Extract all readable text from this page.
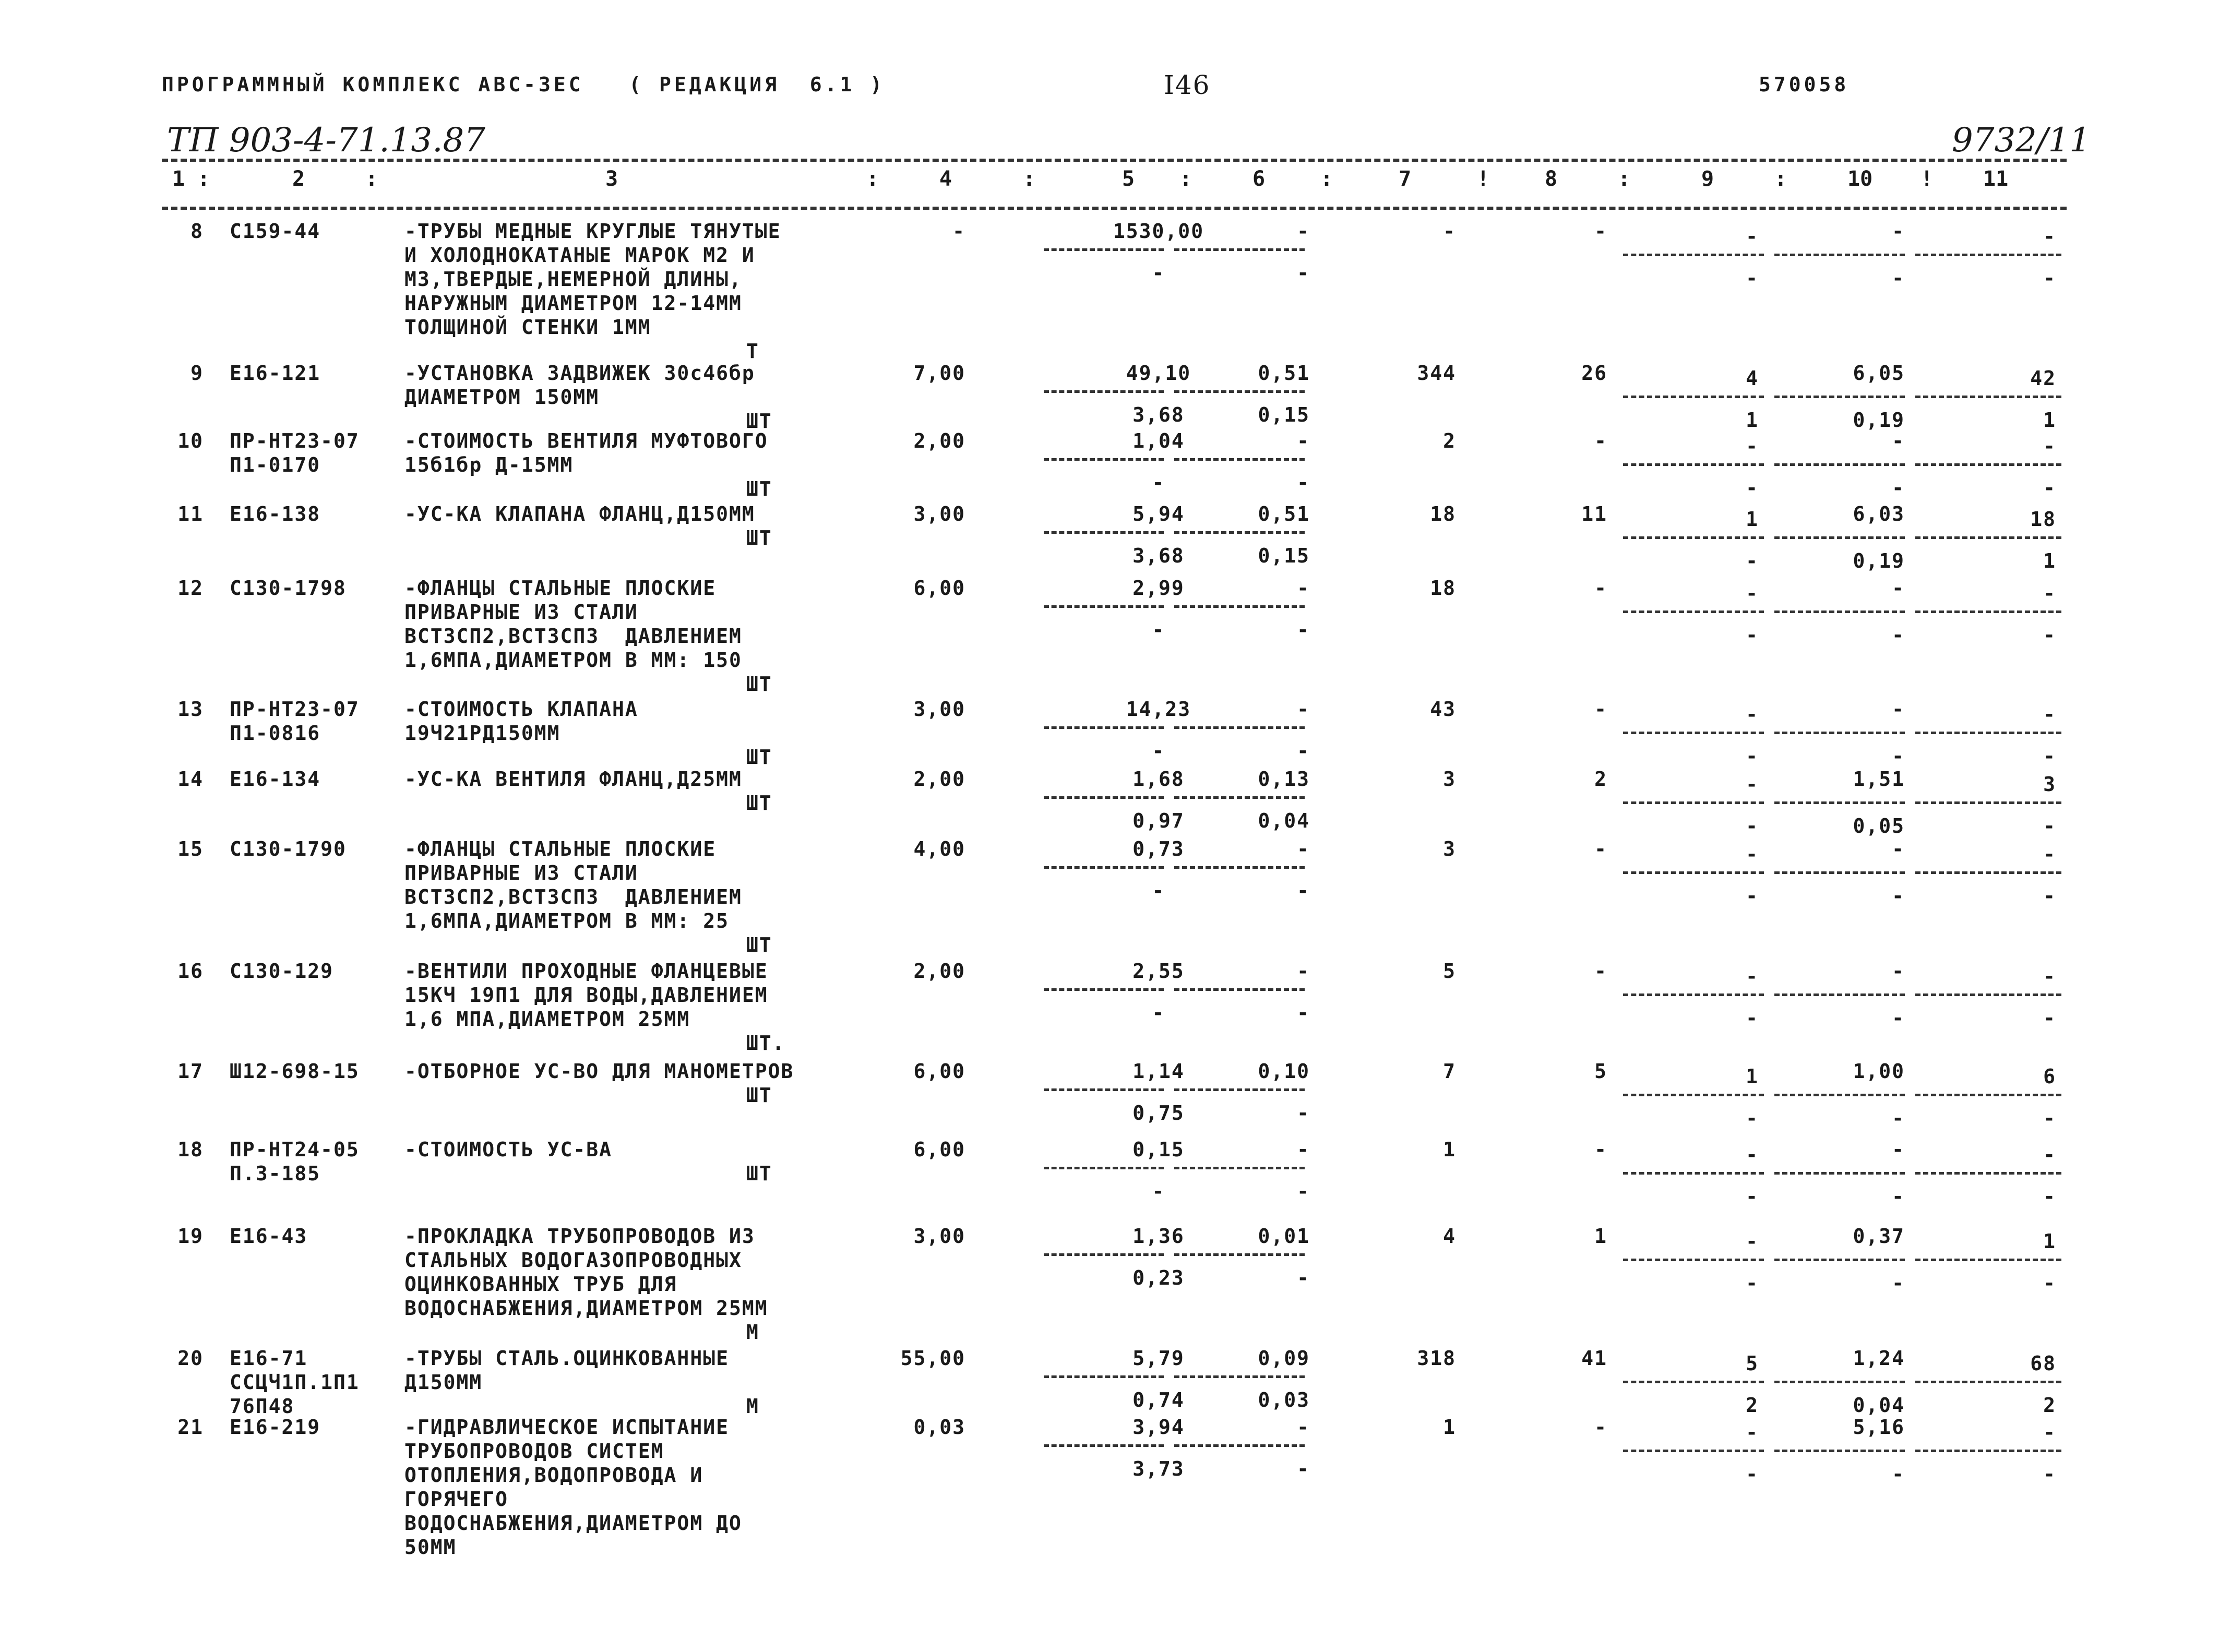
ПРОГРАММНЫЙ КОМПЛЕКС АВС-3ЕС   ( РЕДАКЦИЯ  6.1 )	I46	570058
ТП 903-4-71.13.87	9732/11
1 :	2	:	3	:	4	:	5 :	6	:	7	!	8	:	9	:	10 ! 11
8 С159-44	-ТРУБЫ МЕДНЫЕ КРУГЛЫЕ ТЯНУТЫЕ
И ХОЛОДНОКАТАНЫЕ МАРОК М2 И
М3,ТВЕРДЫЕ,НЕМЕРНОЙ ДЛИНЫ,
НАРУЖНЫМ ДИАМЕТРОМ 12-14ММ
ТОЛЩИНОЙ СТЕНКИ 1ММ
Т
-	1530,00	-	-	-	-	-	-
-	-	-	-	-
9 Е16-121	-УСТАНОВКА ЗАДВИЖЕК 30с46бр
ДИАМЕТРОМ 150ММ
ШТ
7,00	49,10	0,51	344	26	4	6,05	42
3,68	0,15	1	0,19	1
10 ПР-НТ23-07
П1-0170
-СТОИМОСТЬ ВЕНТИЛЯ МУФТОВОГО
15б1бр Д-15ММ
ШТ
2,00	1,04	-	2	-	-	-	-
-	-	-	-	-
11 Е16-138	-УС-КА КЛАПАНА ФЛАНЦ,Д150ММ
ШТ
3,00	5,94	0,51	18	11	1	6,03	18
3,68	0,15	-	0,19	1
12 С130-1798	-ФЛАНЦЫ СТАЛЬНЫЕ ПЛОСКИЕ
ПРИВАРНЫЕ ИЗ СТАЛИ
ВСТ3СП2,ВСТ3СП3  ДАВЛЕНИЕМ
1,6МПА,ДИАМЕТРОМ В ММ: 150
ШТ
6,00	2,99	-	18	-	-	-	-
-	-	-	-	-
13 ПР-НТ23-07
П1-0816
-СТОИМОСТЬ КЛАПАНА
19Ч21РД150ММ
ШТ
3,00	14,23	-	43	-	-	-	-
-	-	-	-	-
14 Е16-134	-УС-КА ВЕНТИЛЯ ФЛАНЦ,Д25ММ
ШТ
2,00	1,68	0,13	3	2	-	1,51	3
0,97	0,04	-	0,05	-
15 С130-1790	-ФЛАНЦЫ СТАЛЬНЫЕ ПЛОСКИЕ
ПРИВАРНЫЕ ИЗ СТАЛИ
ВСТ3СП2,ВСТ3СП3  ДАВЛЕНИЕМ
1,6МПА,ДИАМЕТРОМ В ММ: 25
ШТ
4,00	0,73	-	3	-	-	-	-
-	-	-	-	-
16 С130-129	-ВЕНТИЛИ ПРОХОДНЫЕ ФЛАНЦЕВЫЕ
15КЧ 19П1 ДЛЯ ВОДЫ,ДАВЛЕНИЕМ
1,6 МПА,ДИАМЕТРОМ 25ММ
ШТ.
2,00	2,55	-	5	-	-	-	-
-	-	-	-	-
17 Ш12-698-15 -ОТБОРНОЕ УС-ВО ДЛЯ МАНОМЕТРОВ
ШТ
6,00	1,14	0,10	7	5	1	1,00	6
0,75	-	-	-	-
18 ПР-НТ24-05
П.3-185
-СТОИМОСТЬ УС-ВА
ШТ
6,00	0,15	-	1	-	-	-	-
-	-	-	-	-
19 Е16-43	-ПРОКЛАДКА ТРУБОПРОВОДОВ ИЗ
СТАЛЬНЫХ ВОДОГАЗОПРОВОДНЫХ
ОЦИНКОВАННЫХ ТРУБ ДЛЯ
ВОДОСНАБЖЕНИЯ,ДИАМЕТРОМ 25ММ
М
3,00	1,36	0,01	4	1	-	0,37	1
0,23	-	-	-	-
20 Е16-71
ССЦЧ1П.1П1
76П48
-ТРУБЫ СТАЛЬ.ОЦИНКОВАННЫЕ
Д150ММ
М
55,00	5,79	0,09	318	41	5	1,24	68
0,74	0,03	2	0,04	2
21 Е16-219	-ГИДРАВЛИЧЕСКОЕ ИСПЫТАНИЕ
ТРУБОПРОВОДОВ СИСТЕМ
ОТОПЛЕНИЯ,ВОДОПРОВОДА И
ГОРЯЧЕГО
ВОДОСНАБЖЕНИЯ,ДИАМЕТРОМ ДО
50ММ
0,03	3,94	-	1	-	-	5,16	-
3,73	-	-	-	-
